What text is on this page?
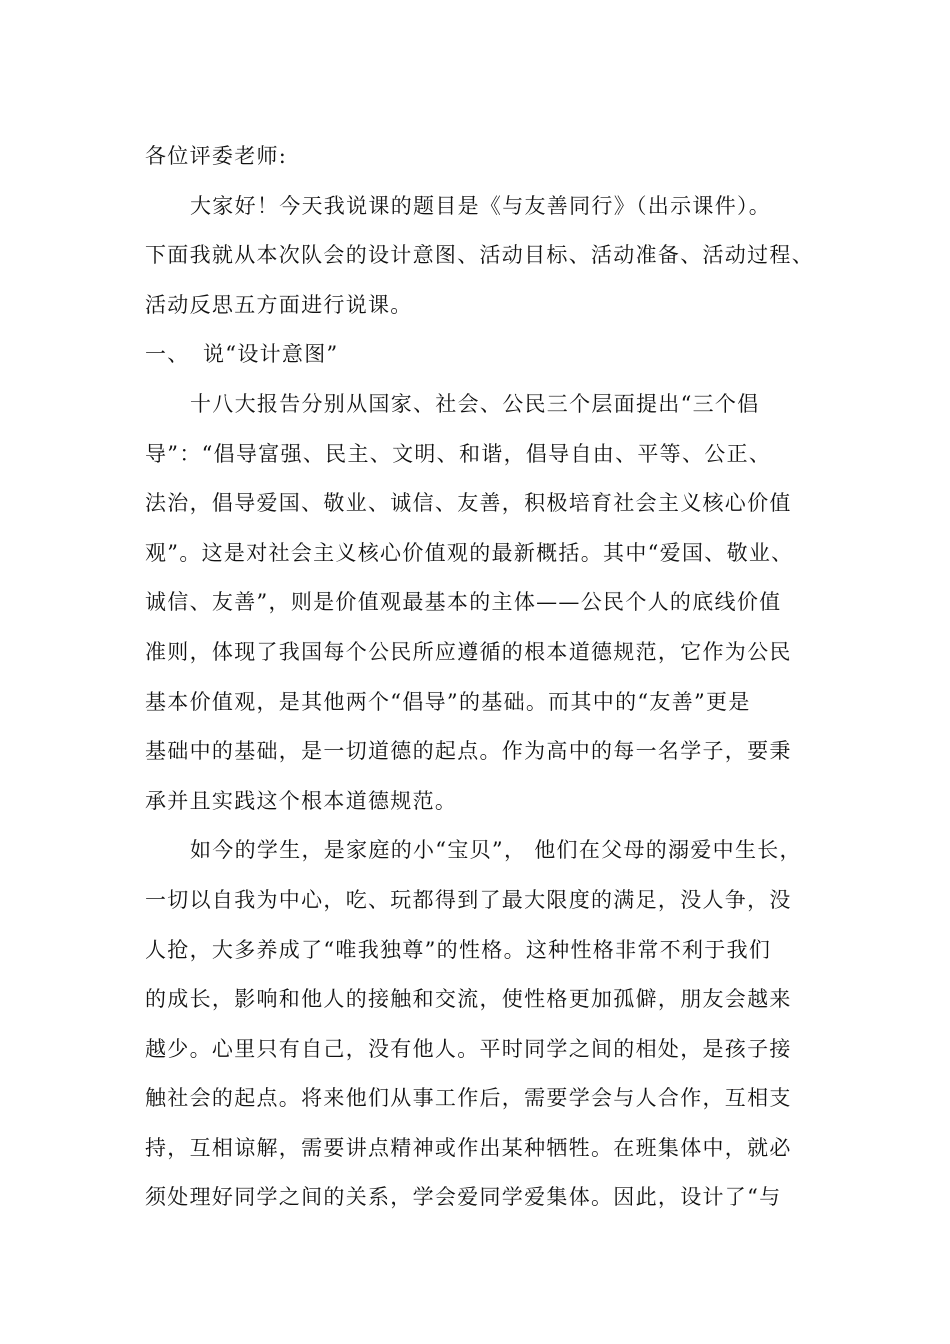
各位评委老师:

大家好！今天我说课的题目是《与友善同行》（出示课件）。
下面我就从本次队会的设计意图、活动目标、活动准备、活动过程、
活动反思五方面进行说课。

一、 说“设计意图”

十八大报告分别从国家、社会、公民三个层面提出“三个倡
导”：“倡导富强、民主、文明、和谐，倡导自由、平等、公正、
法治，倡导爱国、敬业、诚信、友善，积极培育社会主义核心价值
观”。这是对社会主义核心价值观的最新概括。其中“爱国、敬业、
诚信、友善”，则是价值观最基本的主体——公民个人的底线价值
准则，体现了我国每个公民所应遵循的根本道德规范，它作为公民
基本价值观，是其他两个“倡导”的基础。而其中的“友善”更是
基础中的基础，是一切道德的起点。作为高中的每一名学子，要秉
承并且实践这个根本道德规范。

如今的学生，是家庭的小“宝贝”， 他们在父母的溺爱中生长，
一切以自我为中心，吃、玩都得到了最大限度的满足，没人争，没
人抢，大多养成了“唯我独尊”的性格。这种性格非常不利于我们
的成长，影响和他人的接触和交流，使性格更加孤僻，朋友会越来
越少。心里只有自己，没有他人。平时同学之间的相处，是孩子接
触社会的起点。将来他们从事工作后，需要学会与人合作，互相支
持，互相谅解，需要讲点精神或作出某种牺牲。在班集体中，就必
须处理好同学之间的关系，学会爱同学爱集体。因此，设计了“与
